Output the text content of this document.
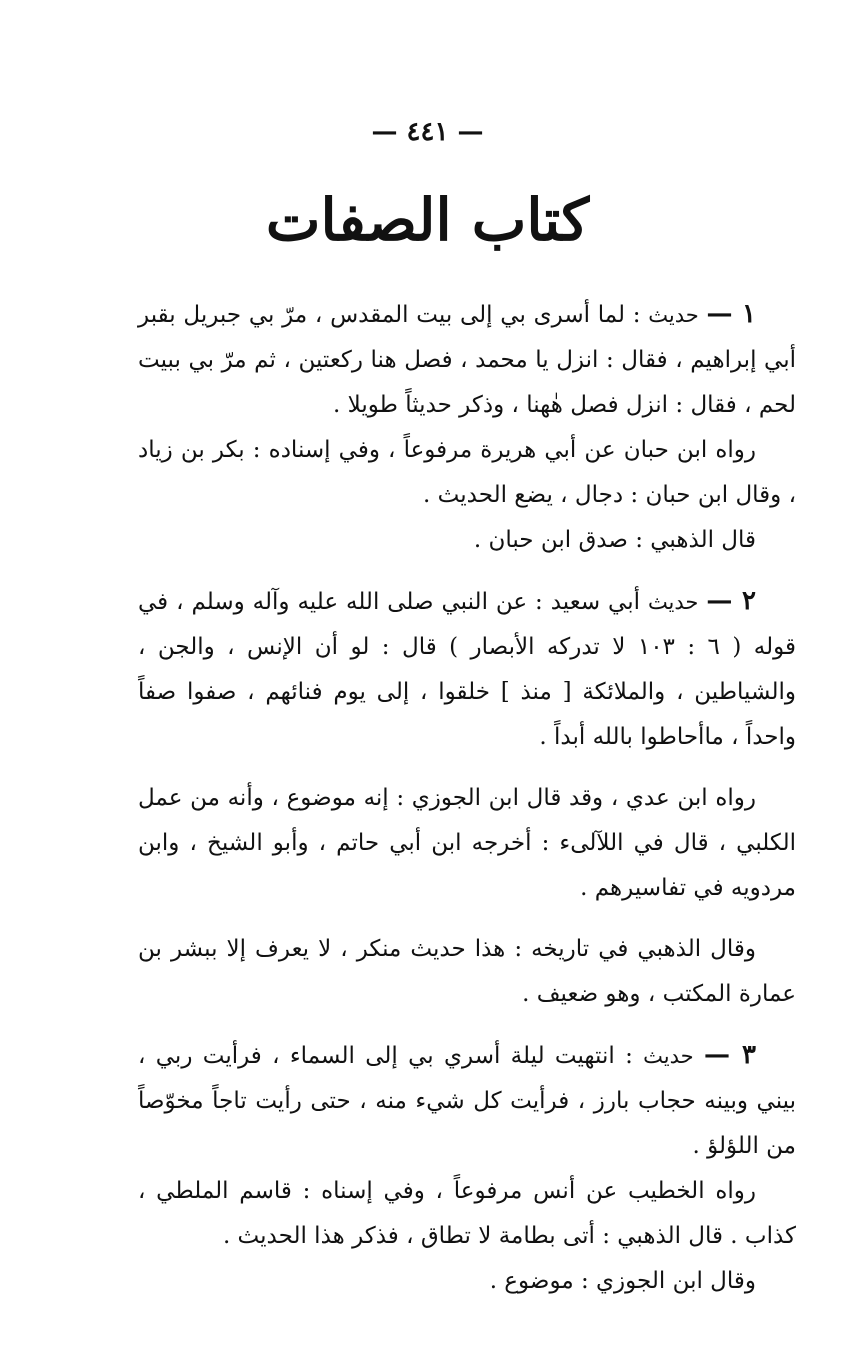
— ٤٤١ —
كتاب الصفات

١ — حديث : لما أسرى بي إلى بيت المقدس ، مرّ بي جبريل بقبر أبي إبراهيم ، فقال : انزل يا محمد ، فصل هنا ركعتين ، ثم مرّ بي ببيت لحم ، فقال : انزل فصل هٰهنا ، وذكر حديثاً طويلا .

رواه ابن حبان عن أبي هريرة مرفوعاً ، وفي إسناده : بكر بن زياد ، وقال ابن حبان : دجال ، يضع الحديث .

قال الذهبي : صدق ابن حبان .

٢ — حديث أبي سعيد : عن النبي صلى الله عليه وآله وسلم ، في قوله ( ٦ : ١٠٣ لا تدركه الأبصار ) قال : لو أن الإنس ، والجن ، والشياطين ، والملائكة [ منذ ] خلقوا ، إلى يوم فنائهم ، صفوا صفاً واحداً ، ماأحاطوا بالله أبداً .

رواه ابن عدي ، وقد قال ابن الجوزي : إنه موضوع ، وأنه من عمل الكلبي ، قال في اللآلىء : أخرجه ابن أبي حاتم ، وأبو الشيخ ، وابن مردويه في تفاسيرهم .

وقال الذهبي في تاريخه : هذا حديث منكر ، لا يعرف إلا ببشر بن عمارة المكتب ، وهو ضعيف .

٣ — حديث : انتهيت ليلة أسري بي إلى السماء ، فرأيت ربي ، بيني وبينه حجاب بارز ، فرأيت كل شيء منه ، حتى رأيت تاجاً مخوّصاً من اللؤلؤ .

رواه الخطيب عن أنس مرفوعاً ، وفي إسناه : قاسم الملطي ، كذاب . قال الذهبي : أتى بطامة لا تطاق ، فذكر هذا الحديث .

وقال ابن الجوزي : موضوع .
